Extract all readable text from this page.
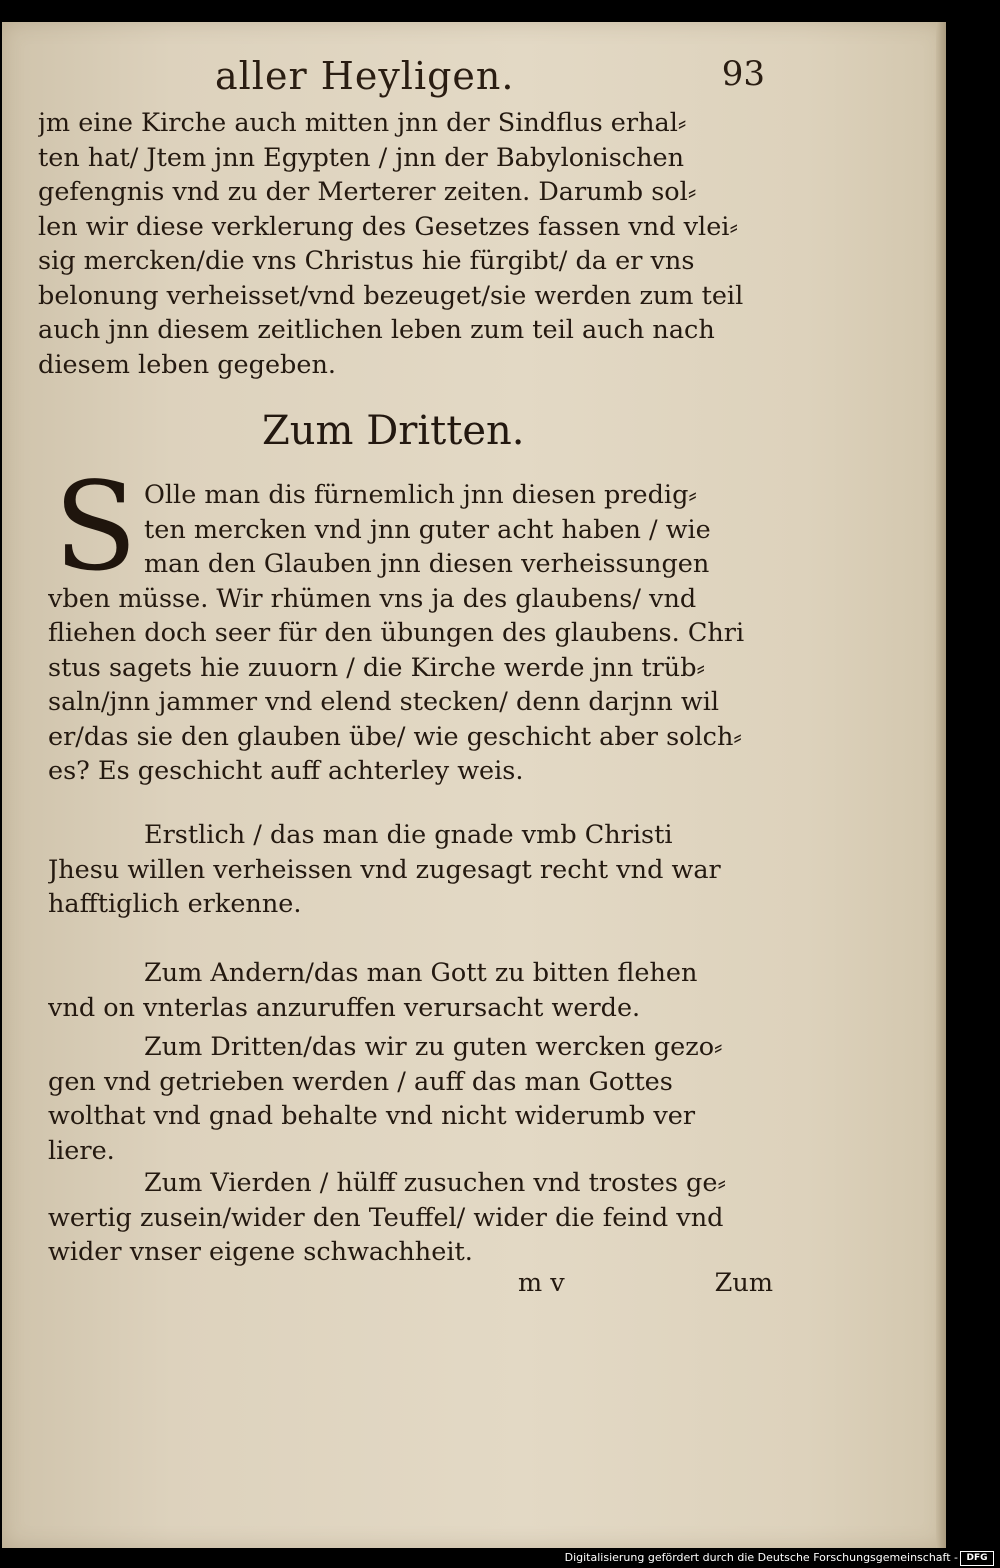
aller Heyligen.	93
jm eine Kirche auch mitten jnn der Sindflus erhal⸗
ten hat/ Jtem jnn Egypten / jnn der Babylonischen
gefengnis vnd zu der Merterer zeiten. Darumb sol⸗
len wir diese verklerung des Gesetzes fassen vnd vlei⸗
sig mercken/die vns Christus hie fürgibt/ da er vns
belonung verheisset/vnd bezeuget/sie werden zum teil
auch jnn diesem zeitlichen leben zum teil auch nach
diesem leben gegeben.
Zum Dritten.
S Olle man dis fürnemlich jnn diesen predig⸗
ten mercken vnd jnn guter acht haben / wie
man den Glauben jnn diesen verheissungen
vben müsse. Wir rhümen vns ja des glaubens/ vnd
fliehen doch seer für den übungen des glaubens. Chri
stus sagets hie zuuorn / die Kirche werde jnn trüb⸗
saln/jnn jammer vnd elend stecken/ denn darjnn wil
er/das sie den glauben übe/ wie geschicht aber solch⸗
es? Es geschicht auff achterley weis.
Erstlich / das man die gnade vmb Christi
Jhesu willen verheissen vnd zugesagt recht vnd war
hafftiglich erkenne.
Zum Andern/das man Gott zu bitten flehen
vnd on vnterlas anzuruffen verursacht werde.
Zum Dritten/das wir zu guten wercken gezo⸗
gen vnd getrieben werden / auff das man Gottes
wolthat vnd gnad behalte vnd nicht widerumb ver
liere.
Zum Vierden / hülff zusuchen vnd trostes ge⸗
wertig zusein/wider den Teuffel/ wider die feind vnd
wider vnser eigene schwachheit.
m v	Zum
Digitalisierung gefördert durch die Deutsche Forschungsgemeinschaft - DFG
